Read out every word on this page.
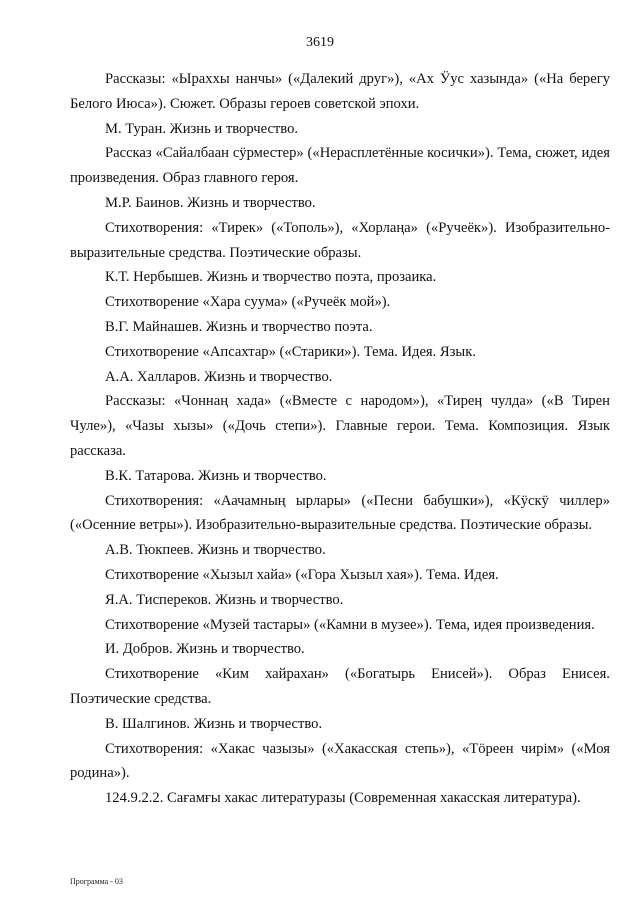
3619

Рассказы: «Ыраххы нанчы» («Далекий друг»), «Ах Ӱус хазында» («На берегу Белого Июса»). Сюжет. Образы героев советской эпохи.

М. Туран. Жизнь и творчество.

Рассказ «Сайалбаан сӱрместер» («Нерасплетённые косички»). Тема, сюжет, идея произведения. Образ главного героя.

М.Р. Баинов. Жизнь и творчество.

Стихотворения: «Тирек» («Тополь»), «Хорлаңа» («Ручеёк»). Изобразительно-выразительные средства. Поэтические образы.

К.Т. Нербышев. Жизнь и творчество поэта, прозаика.

Стихотворение «Хара суума» («Ручеёк мой»).

В.Г. Майнашев. Жизнь и творчество поэта.

Стихотворение «Апсахтар» («Старики»). Тема. Идея. Язык.

А.А. Халларов. Жизнь и творчество.

Рассказы: «Чоннаң хада» («Вместе с народом»), «Тиреӊ чулда» («В Тирен Чуле»), «Чазы хызы» («Дочь степи»). Главные герои. Тема. Композиция. Язык рассказа.

В.К. Татарова. Жизнь и творчество.

Стихотворения: «Аачамның ырлары» («Песни бабушки»), «Кӱскӱ чиллер» («Осенние ветры»). Изобразительно-выразительные средства. Поэтические образы.

А.В. Тюкпеев. Жизнь и творчество.

Стихотворение «Хызыл хайа» («Гора Хызыл хая»). Тема. Идея.

Я.А. Тиспереков. Жизнь и творчество.

Стихотворение «Музей тастары» («Камни в музее»). Тема, идея произведения.

И. Добров. Жизнь и творчество.

Стихотворение «Ким хайрахан» («Богатырь Енисей»). Образ Енисея. Поэтические средства.

В. Шалгинов. Жизнь и творчество.

Стихотворения: «Хакас чазызы» («Хакасская степь»), «Тӧреен чирім» («Моя родина»).

124.9.2.2. Сағамғы хакас литературазы (Современная хакасская литература).

Программа - 03
